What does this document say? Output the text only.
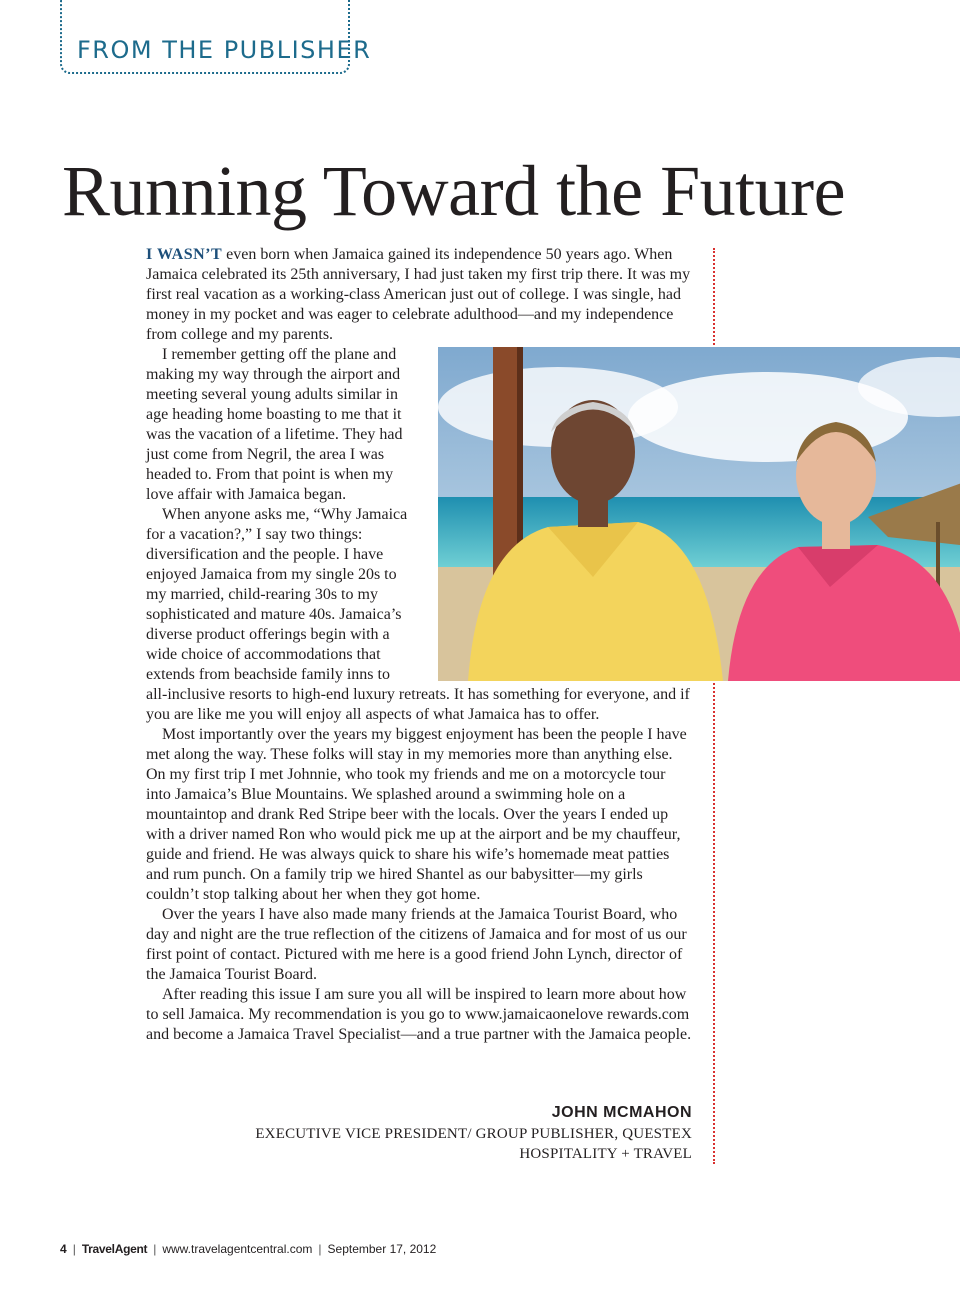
FROM THE PUBLISHER
Running Toward the Future

I WASN’T even born when Jamaica gained its independence 50 years ago. When Jamaica celebrated its 25th anniversary, I had just taken my first trip there. It was my first real vacation as a working-class American just out of college. I was single, had money in my pocket and was eager to celebrate adulthood—and my independence from college and my parents.

I remember getting off the plane and making my way through the airport and meeting several young adults similar in age heading home boasting to me that it was the vacation of a lifetime. They had just come from Negril, the area I was headed to. From that point is when my love affair with Jamaica began.

When anyone asks me, “Why Jamaica for a vacation?,” I say two things: diversification and the people. I have enjoyed Jamaica from my single 20s to my married, child-rearing 30s to my sophisticated and mature 40s. Jamaica’s diverse product offerings begin with a wide choice of accommodations that extends from beachside family inns to all-inclusive resorts to high-end luxury retreats. It has something for everyone, and if you are like me you will enjoy all aspects of what Jamaica has to offer.

Most importantly over the years my biggest enjoyment has been the people I have met along the way. These folks will stay in my memories more than anything else. On my first trip I met Johnnie, who took my friends and me on a motorcycle tour into Jamaica’s Blue Mountains. We splashed around a swimming hole on a mountaintop and drank Red Stripe beer with the locals. Over the years I ended up with a driver named Ron who would pick me up at the airport and be my chauffeur, guide and friend. He was always quick to share his wife’s homemade meat patties and rum punch. On a family trip we hired Shantel as our babysitter—my girls couldn’t stop talking about her when they got home.

Over the years I have also made many friends at the Jamaica Tourist Board, who day and night are the true reflection of the citizens of Jamaica and for most of us our first point of contact. Pictured with me here is a good friend John Lynch, director of the Jamaica Tourist Board.

After reading this issue I am sure you all will be inspired to learn more about how to sell Jamaica. My recommendation is you go to www.jamaicaonelove rewards.com and become a Jamaica Travel Specialist—and a true partner with the Jamaica people.

JOHN MCMAHON
EXECUTIVE VICE PRESIDENT/ GROUP PUBLISHER, QUESTEX HOSPITALITY + TRAVEL
4 | TravelAgent | www.travelagentcentral.com | September 17, 2012
